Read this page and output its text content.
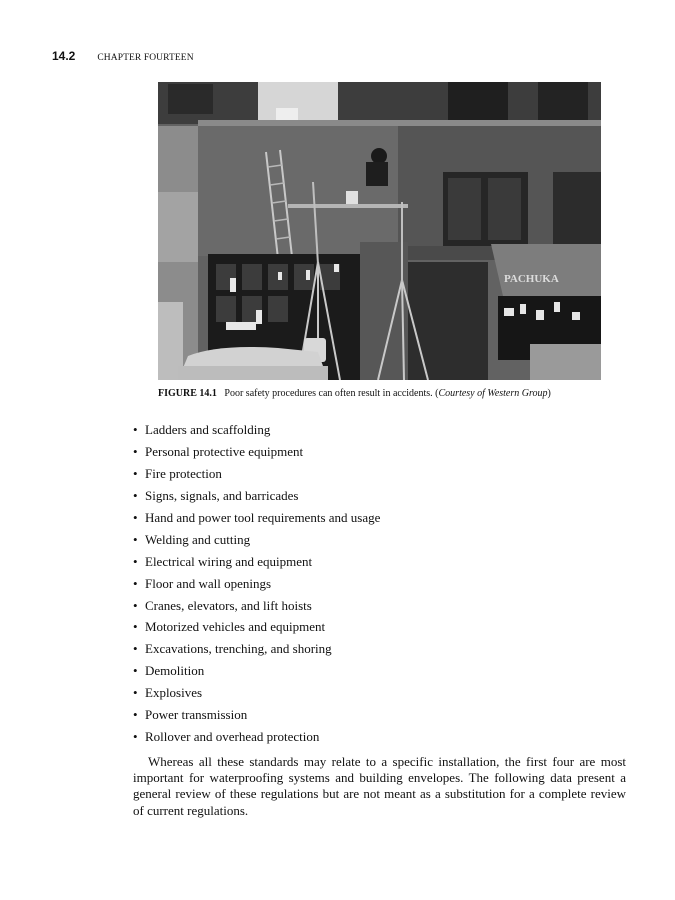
14.2 CHAPTER FOURTEEN
PACHUKA
FIGURE 14.1 Poor safety procedures can often result in accidents. (Courtesy of Western Group)
• Ladders and scaffolding
• Personal protective equipment
• Fire protection
• Signs, signals, and barricades
• Hand and power tool requirements and usage
• Welding and cutting
• Electrical wiring and equipment
• Floor and wall openings
• Cranes, elevators, and lift hoists
• Motorized vehicles and equipment
• Excavations, trenching, and shoring
• Demolition
• Explosives
• Power transmission
• Rollover and overhead protection

Whereas all these standards may relate to a specific installation, the first four are most important for waterproofing systems and building envelopes. The following data present a general review of these regulations but are not meant as a substitution for a complete review of current regulations.
